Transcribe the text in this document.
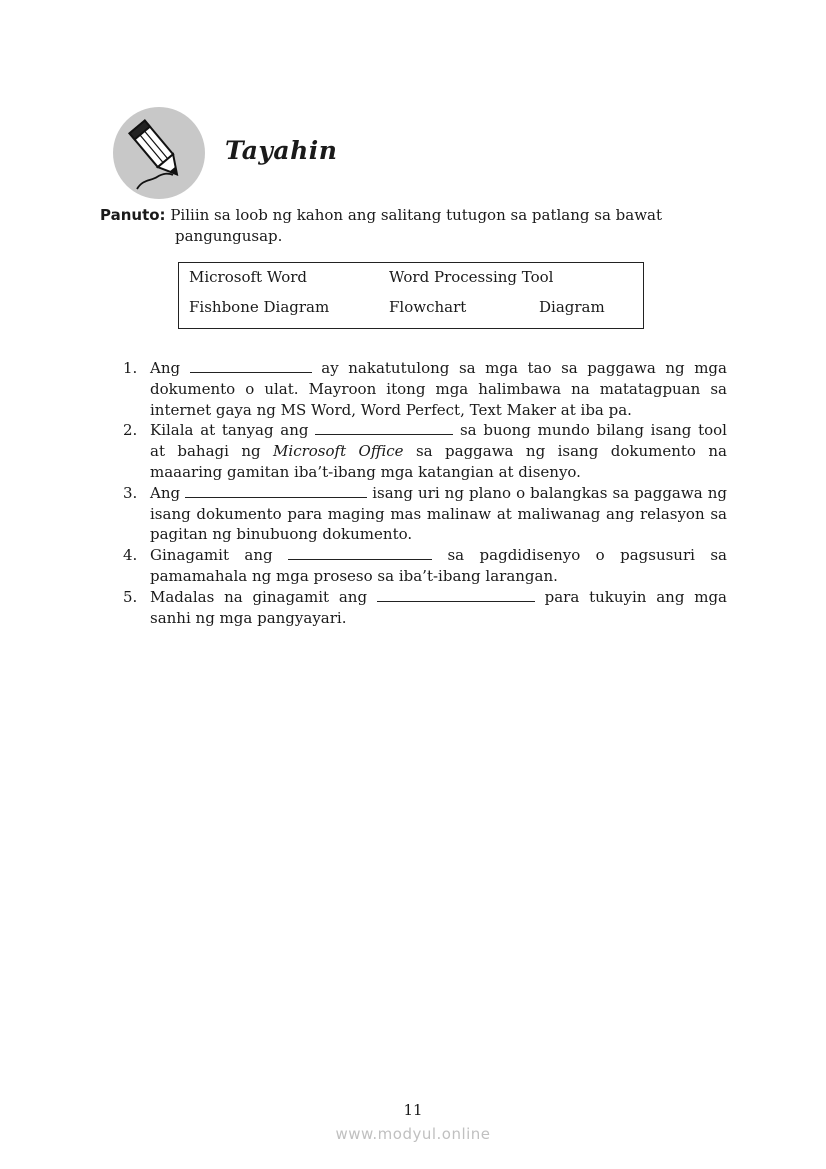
Tayahin
Panuto: Piliin sa loob ng kahon ang salitang tutugon sa patlang sa bawat
pangungusap.
Microsoft Word	Word Processing Tool
Fishbone Diagram	Flowchart	Diagram
1. Ang	ay nakatutulong sa mga tao sa paggawa ng mga dokumento o ulat. Mayroon itong mga halimbawa na matatagpuan sa internet gaya ng MS Word, Word Perfect, Text Maker at iba pa.
2. Kilala at tanyag ang	sa buong mundo bilang isang tool at bahagi ng Microsoft Office sa paggawa ng isang dokumento na maaaring gamitan iba’t-ibang mga katangian at disenyo.
3. Ang	isang uri ng plano o balangkas sa paggawa ng isang dokumento para maging mas malinaw at maliwanag ang relasyon sa pagitan ng binubuong dokumento.
4. Ginagamit ang	sa pagdidisenyo o pagsusuri sa pamamahala ng mga proseso sa iba’t-ibang larangan.
5. Madalas na ginagamit ang	para tukuyin ang mga sanhi ng mga pangyayari.
11
www.modyul.online
